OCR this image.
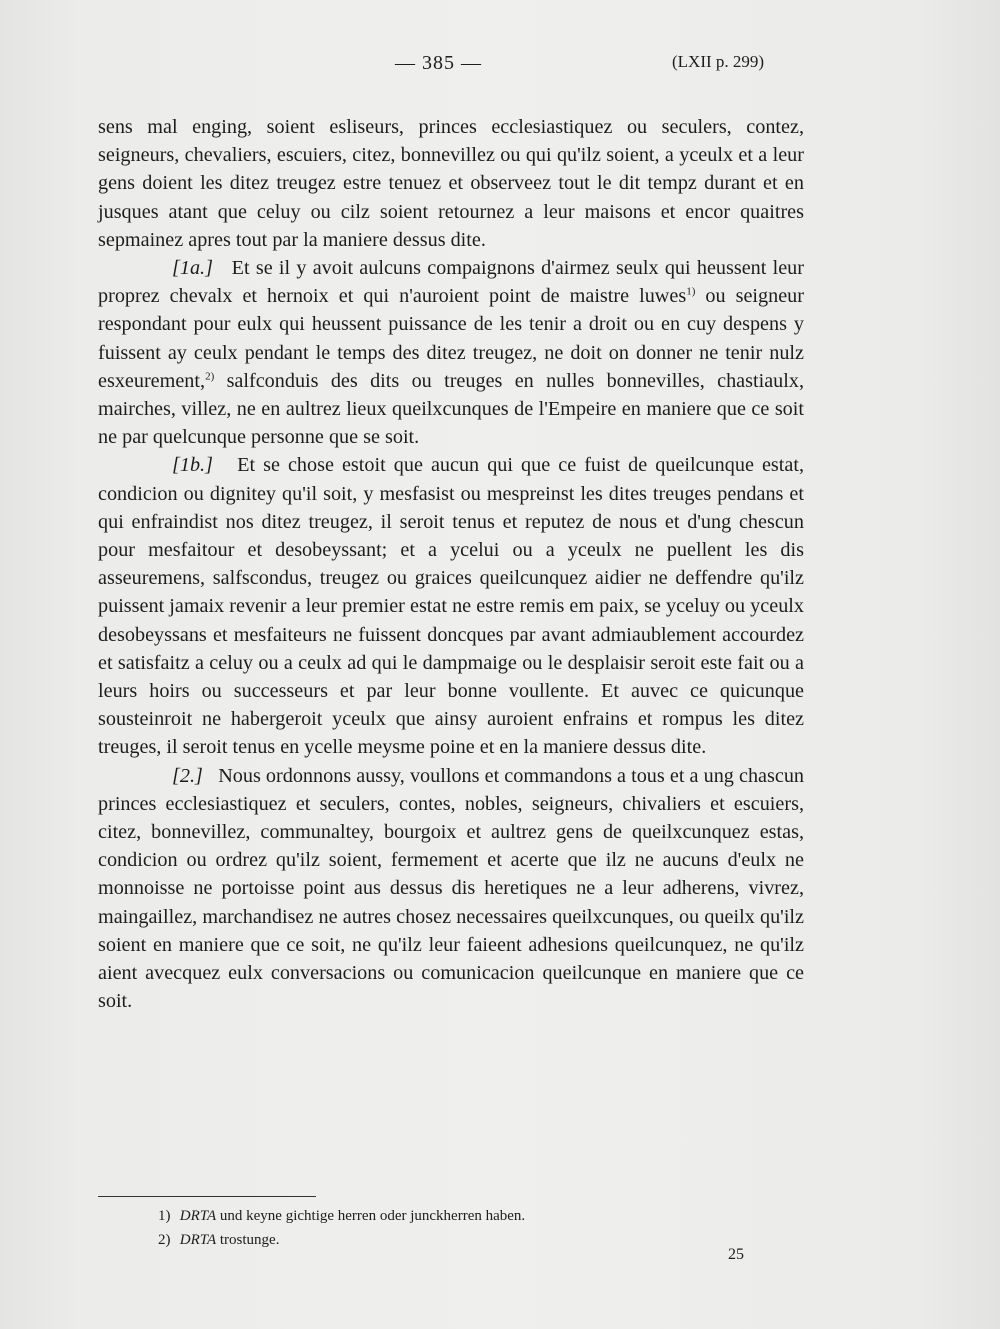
— 385 —	(LXII p. 299)

sens mal enging, soient esliseurs, princes ecclesiastiquez ou seculers, contez, seigneurs, chevaliers, escuiers, citez, bonnevillez ou qui qu'ilz soient, a yceulx et a leur gens doient les ditez treugez estre tenuez et observeez tout le dit tempz durant et en jusques atant que celuy ou cilz soient retournez a leur maisons et encor quaitres sepmainez apres tout par la maniere dessus dite.

[1a.] Et se il y avoit aulcuns compaignons d'airmez seulx qui heussent leur proprez chevalx et hernoix et qui n'auroient point de maistre luwes$^{1)}$ ou seigneur respondant pour eulx qui heussent puissance de les tenir a droit ou en cuy despens y fuissent ay ceulx pendant le temps des ditez treugez, ne doit on donner ne tenir nulz esxeurement,$^{2)}$ salfconduis des dits ou treuges en nulles bonnevilles, chastiaulx, mairches, villez, ne en aultrez lieux queilxcunques de l'Empeire en maniere que ce soit ne par quelcunque personne que se soit.

[1b.] Et se chose estoit que aucun qui que ce fuist de queilcunque estat, condicion ou dignitey qu'il soit, y mesfasist ou mespreinst les dites treuges pendans et qui enfraindist nos ditez treugez, il seroit tenus et reputez de nous et d'ung chescun pour mesfaitour et desobeyssant; et a ycelui ou a yceulx ne puellent les dis asseuremens, salfscondus, treugez ou graices queilcunquez aidier ne deffendre qu'ilz puissent jamaix revenir a leur premier estat ne estre remis em paix, se yceluy ou yceulx desobeyssans et mesfaiteurs ne fuissent doncques par avant admiaublement accourdez et satisfaitz a celuy ou a ceulx ad qui le dampmaige ou le desplaisir seroit este fait ou a leurs hoirs ou successeurs et par leur bonne voullente. Et auvec ce quicunque sousteinroit ne habergeroit yceulx que ainsy auroient enfrains et rompus les ditez treuges, il seroit tenus en ycelle meysme poine et en la maniere dessus dite.

[2.] Nous ordonnons aussy, voullons et commandons a tous et a ung chascun princes ecclesiastiquez et seculers, contes, nobles, seigneurs, chivaliers et escuiers, citez, bonnevillez, communaltey, bourgoix et aultrez gens de queilxcunquez estas, condicion ou ordrez qu'ilz soient, fermement et acerte que ilz ne aucuns d'eulx ne monnoisse ne portoisse point aus dessus dis heretiques ne a leur adherens, vivrez, maingaillez, marchandisez ne autres chosez necessaires queilxcunques, ou queilx qu'ilz soient en maniere que ce soit, ne qu'ilz leur faieent adhesions queilcunquez, ne qu'ilz aient avecquez eulx conversacions ou comunicacion queilcunque en maniere que ce soit.

1) DRTA und keyne gichtige herren oder junckherren haben.
2) DRTA trostunge.
25
